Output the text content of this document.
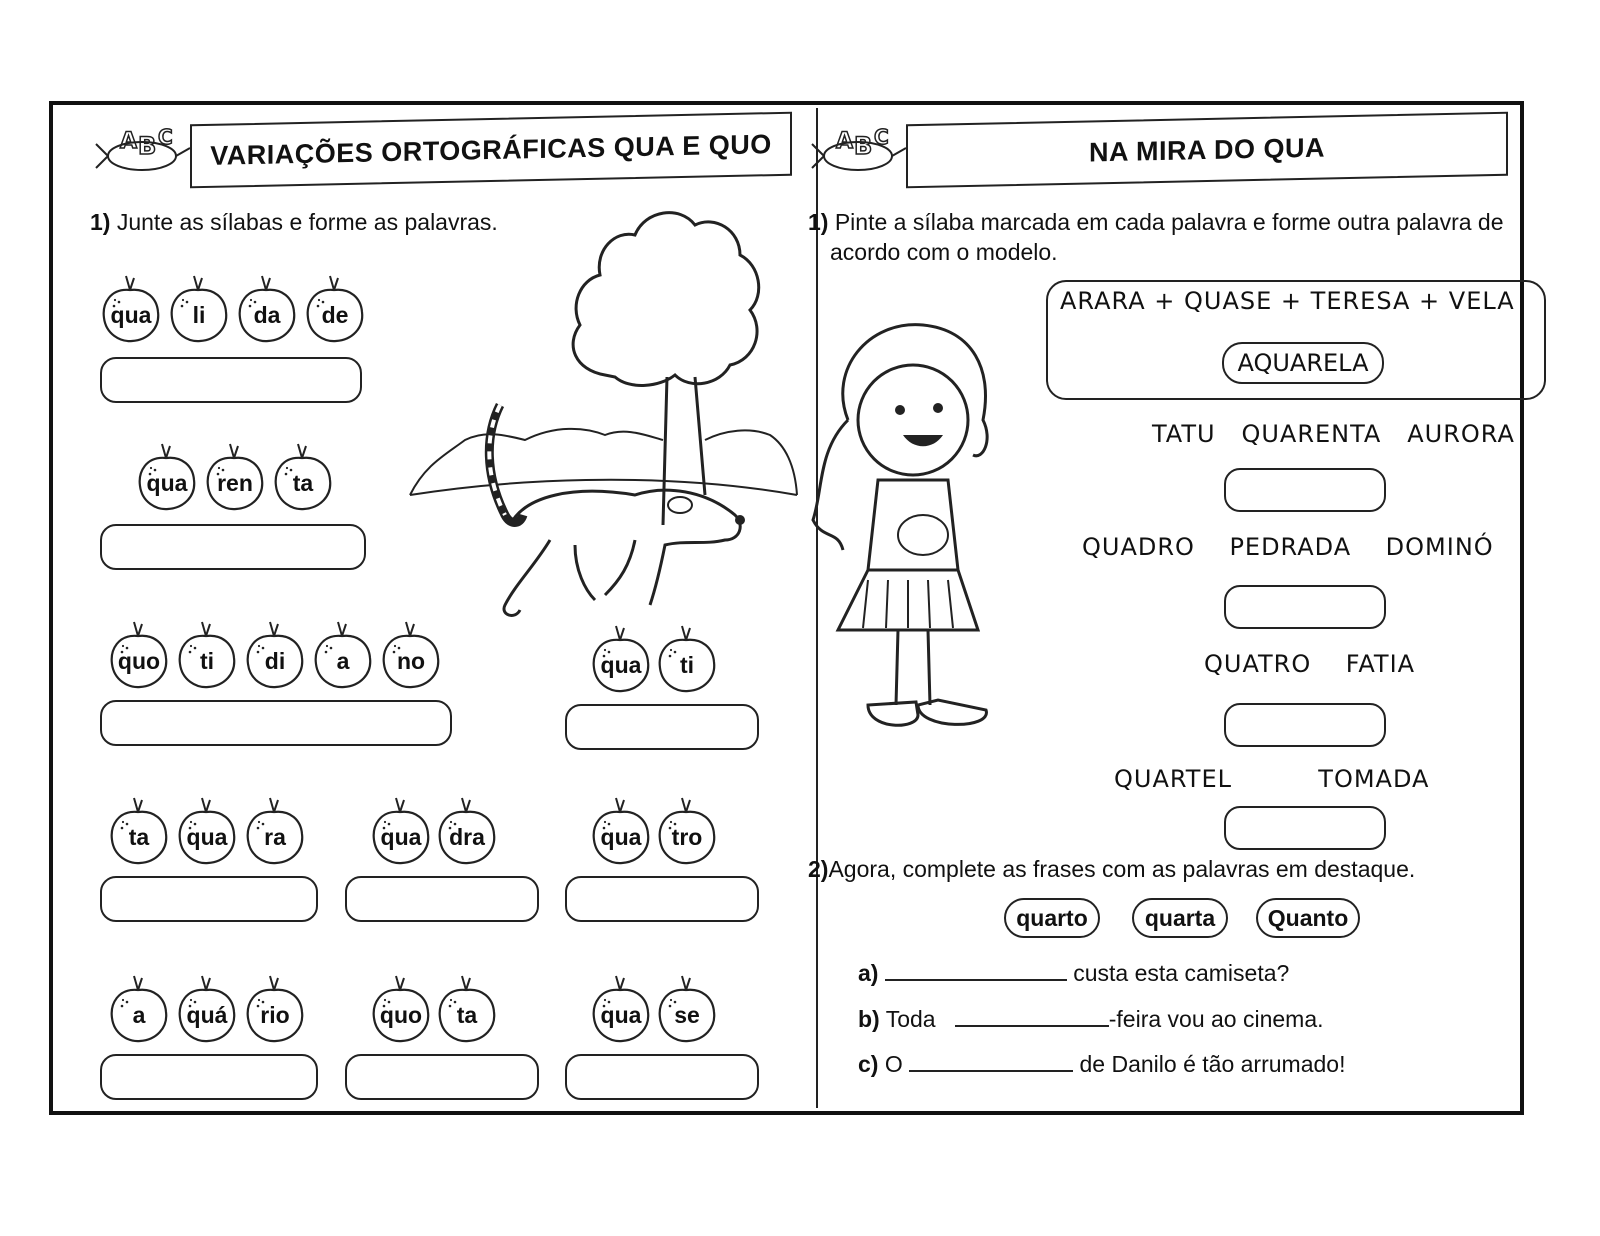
A B C VARIAÇÕES ORTOGRÁFICAS QUA E QUO
1) Junte as sílabas e forme as palavras.
qua	li	da	de
qua	ren	ta
quo	ti	di	a	no	qua	ti
ta	qua	ra	qua	dra	qua	tro
a	quá	rio	quo	ta	qua	se
A B C	NA MIRA DO QUA
1) Pinte a sílaba marcada em cada palavra e forme outra palavra de acordo com o modelo.
ARARA + QUASE + TERESA + VELA
AQUARELA
TATU   QUARENTA   AURORA
QUADRO    PEDRADA    DOMINÓ
QUATRO    FATIA
QUARTEL          TOMADA
2)Agora, complete as frases com as palavras em destaque.
quarto	quarta	Quanto
a)	custa esta camiseta?
b) Toda	-feira vou ao cinema.
c) O	de Danilo é tão arrumado!
